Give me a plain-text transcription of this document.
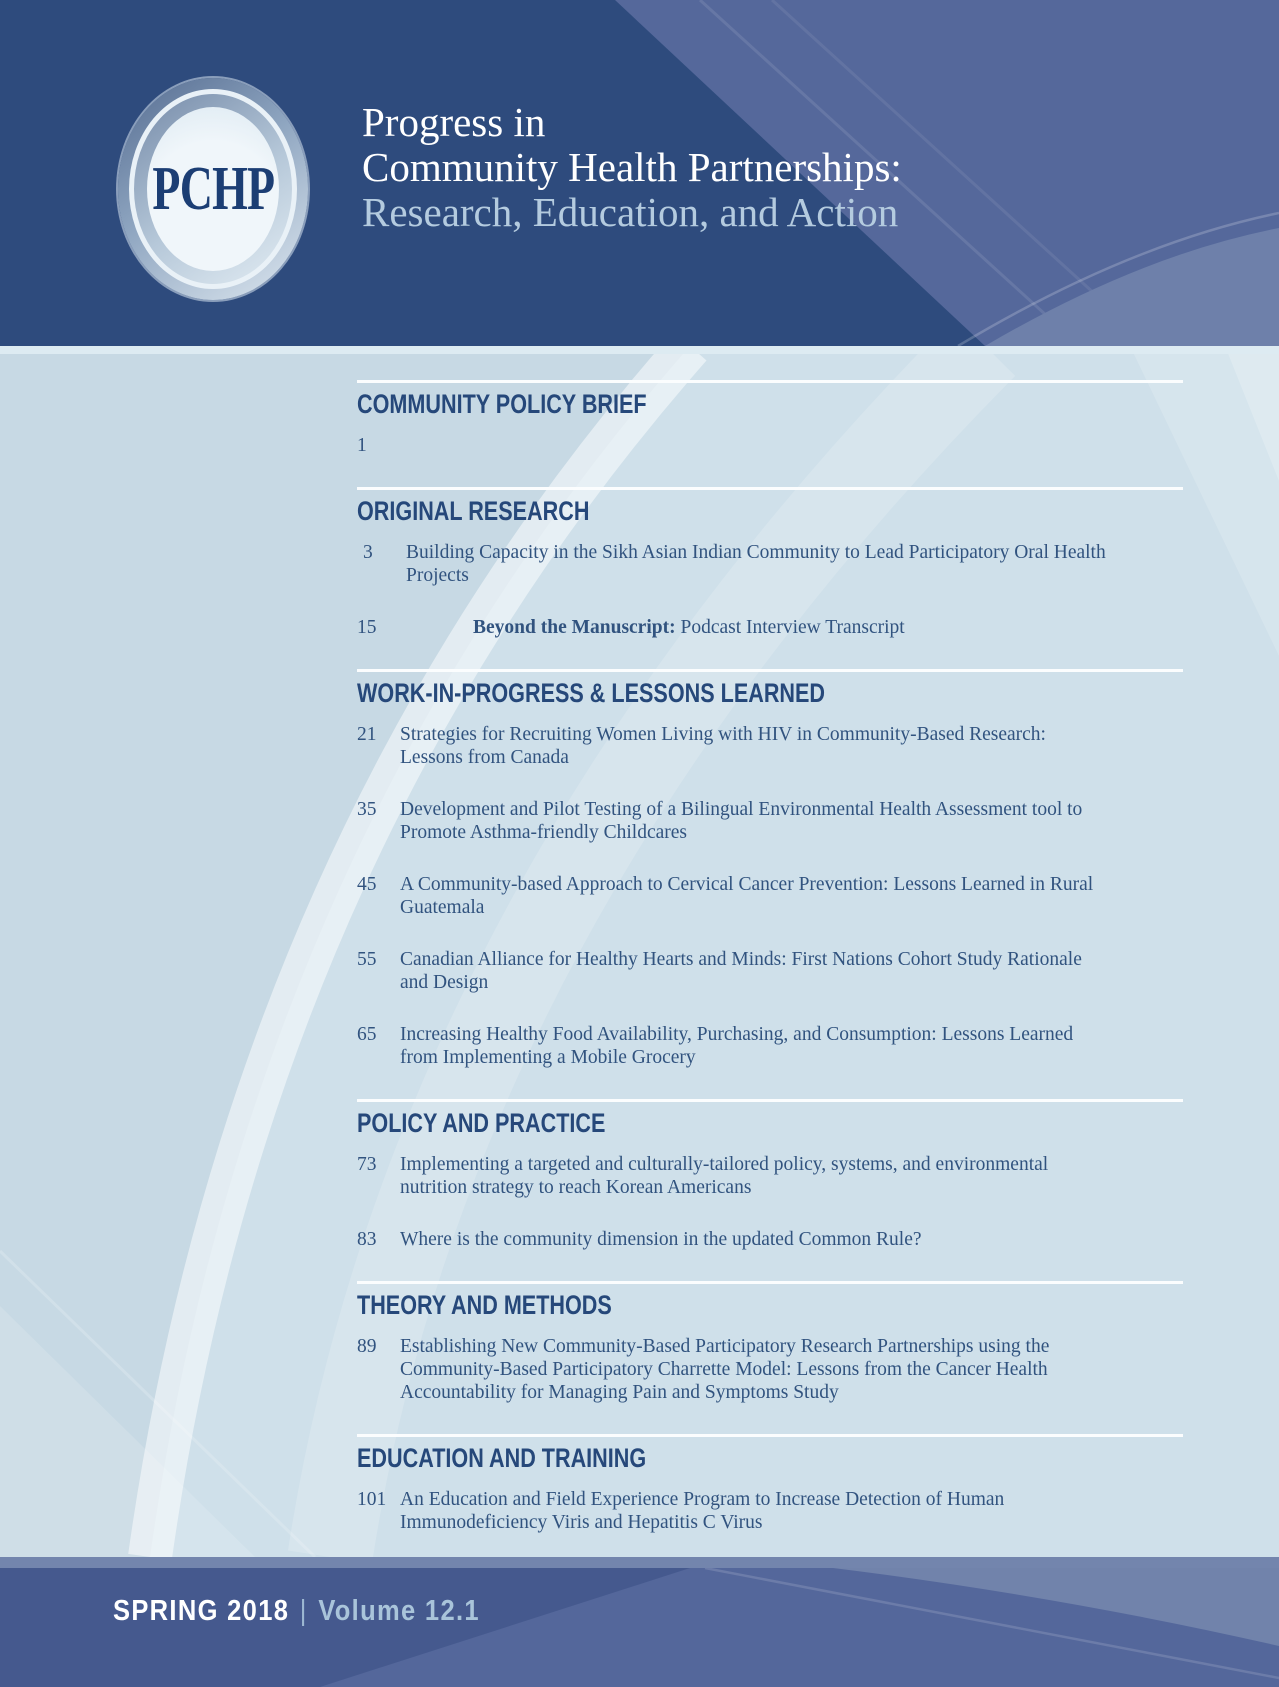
PCHP
Progress in
Community Health Partnerships:
Research, Education, and Action
COMMUNITY POLICY BRIEF
1
ORIGINAL RESEARCH
3	Building Capacity in the Sikh Asian Indian Community to Lead Participatory Oral Health Projects
15	Beyond the Manuscript: Podcast Interview Transcript
WORK-IN-PROGRESS & LESSONS LEARNED
21	Strategies for Recruiting Women Living with HIV in Community-Based Research: Lessons from Canada
35	Development and Pilot Testing of a Bilingual Environmental Health Assessment tool to Promote Asthma-friendly Childcares
45	A Community-based Approach to Cervical Cancer Prevention: Lessons Learned in Rural Guatemala
55	Canadian Alliance for Healthy Hearts and Minds: First Nations Cohort Study Rationale and Design
65	Increasing Healthy Food Availability, Purchasing, and Consumption: Lessons Learned from Implementing a Mobile Grocery
POLICY AND PRACTICE
73	Implementing a targeted and culturally-tailored policy, systems, and environmental nutrition strategy to reach Korean Americans
83	Where is the community dimension in the updated Common Rule?
THEORY AND METHODS
89	Establishing New Community-Based Participatory Research Partnerships using the Community-Based Participatory Charrette Model: Lessons from the Cancer Health Accountability for Managing Pain and Symptoms Study
EDUCATION AND TRAINING
101 An Education and Field Experience Program to Increase Detection of Human Immunodeficiency Viris and Hepatitis C Virus
SPRING 2018 | Volume 12.1
